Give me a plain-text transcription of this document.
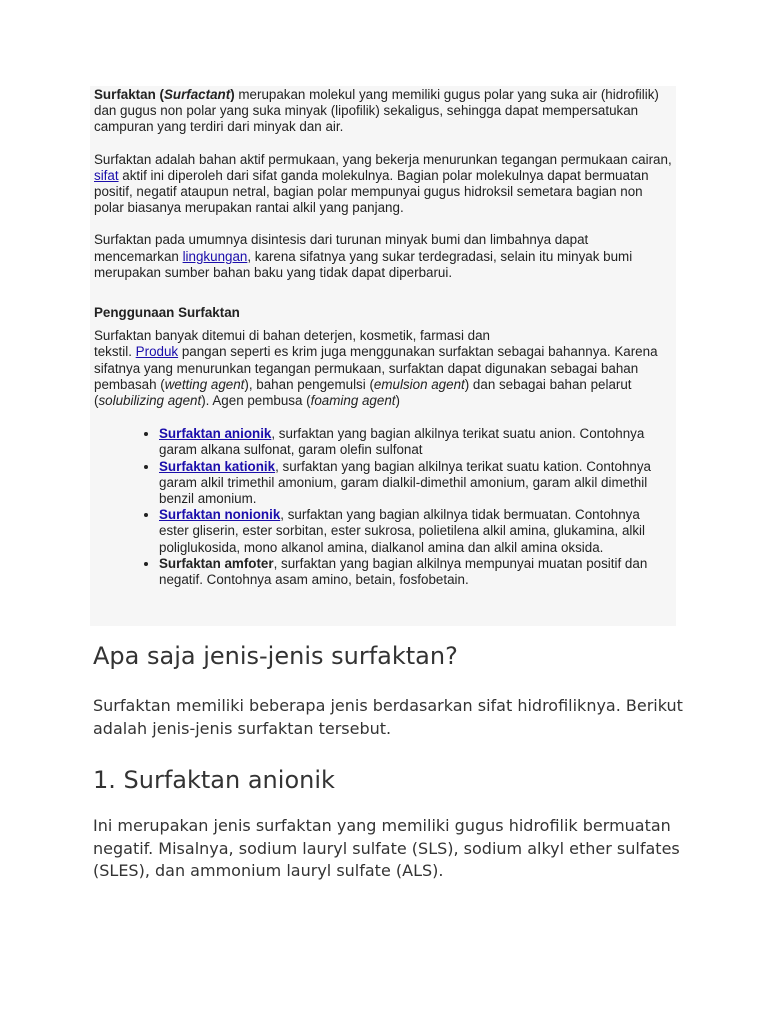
Surfaktan (Surfactant) merupakan molekul yang memiliki gugus polar yang suka air (hidrofilik) dan gugus non polar yang suka minyak (lipofilik) sekaligus, sehingga dapat mempersatukan campuran yang terdiri dari minyak dan air.

Surfaktan adalah bahan aktif permukaan, yang bekerja menurunkan tegangan permukaan cairan, sifat aktif ini diperoleh dari sifat ganda molekulnya. Bagian polar molekulnya dapat bermuatan positif, negatif ataupun netral, bagian polar mempunyai gugus hidroksil semetara bagian non polar biasanya merupakan rantai alkil yang panjang.

Surfaktan pada umumnya disintesis dari turunan minyak bumi dan limbahnya dapat mencemarkan lingkungan, karena sifatnya yang sukar terdegradasi, selain itu minyak bumi merupakan sumber bahan baku yang tidak dapat diperbarui.

Penggunaan Surfaktan

Surfaktan banyak ditemui di bahan deterjen, kosmetik, farmasi dan
tekstil. Produk pangan seperti es krim juga menggunakan surfaktan sebagai bahannya. Karena sifatnya yang menurunkan tegangan permukaan, surfaktan dapat digunakan sebagai bahan pembasah (wetting agent), bahan pengemulsi (emulsion agent) dan sebagai bahan pelarut (solubilizing agent). Agen pembusa (foaming agent)

• Surfaktan anionik, surfaktan yang bagian alkilnya terikat suatu anion. Contohnya garam alkana sulfonat, garam olefin sulfonat
• Surfaktan kationik, surfaktan yang bagian alkilnya terikat suatu kation. Contohnya garam alkil trimethil amonium, garam dialkil-dimethil amonium, garam alkil dimethil benzil amonium.
• Surfaktan nonionik, surfaktan yang bagian alkilnya tidak bermuatan. Contohnya ester gliserin, ester sorbitan, ester sukrosa, polietilena alkil amina, glukamina, alkil poliglukosida, mono alkanol amina, dialkanol amina dan alkil amina oksida.
• Surfaktan amfoter, surfaktan yang bagian alkilnya mempunyai muatan positif dan negatif. Contohnya asam amino, betain, fosfobetain.
Apa saja jenis-jenis surfaktan?

Surfaktan memiliki beberapa jenis berdasarkan sifat hidrofiliknya. Berikut adalah jenis-jenis surfaktan tersebut.

1. Surfaktan anionik

Ini merupakan jenis surfaktan yang memiliki gugus hidrofilik bermuatan negatif. Misalnya, sodium lauryl sulfate (SLS), sodium alkyl ether sulfates (SLES), dan ammonium lauryl sulfate (ALS).
